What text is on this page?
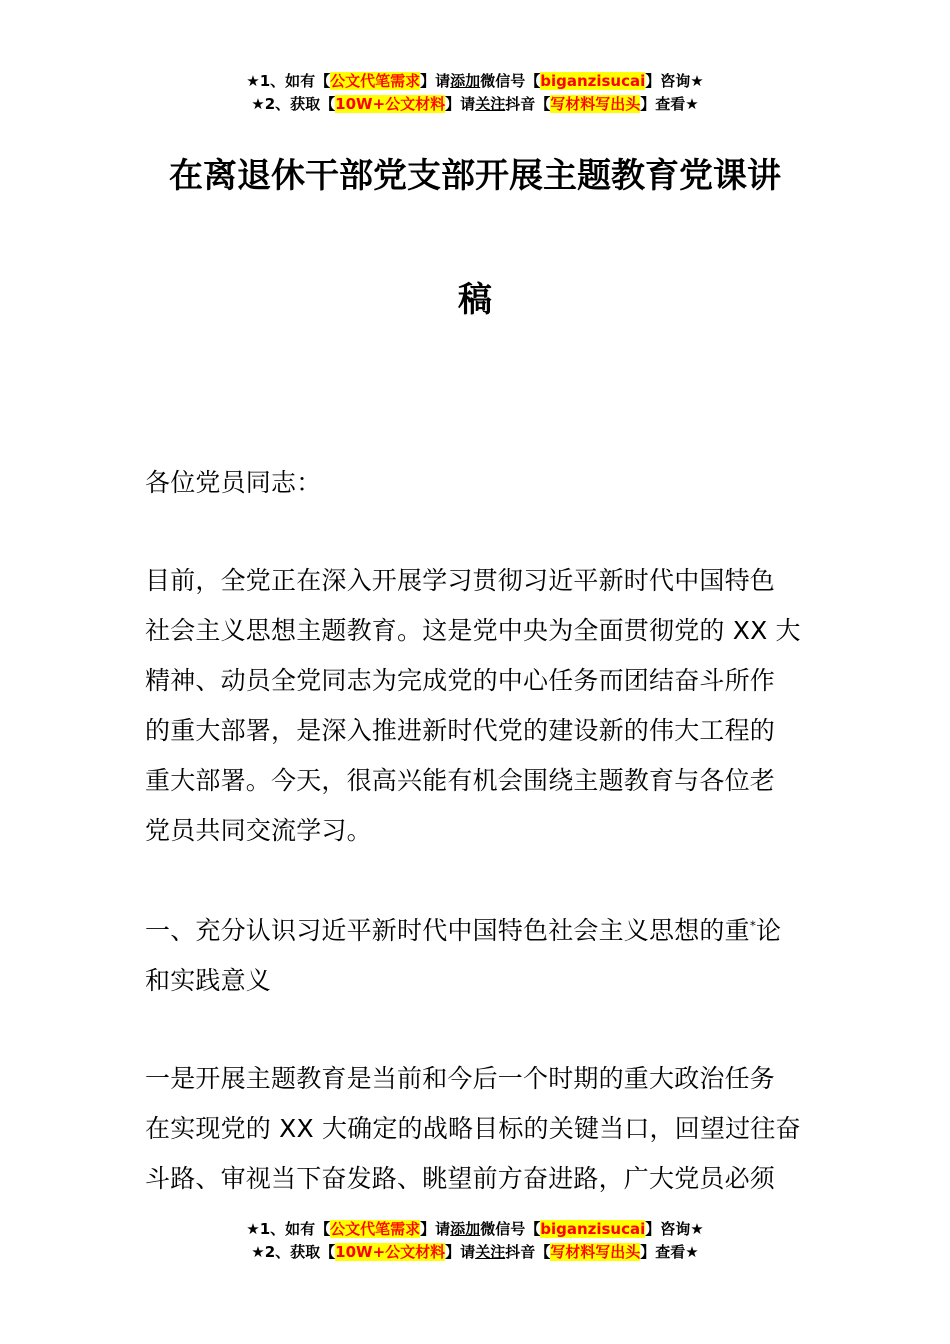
★1、如有【公文代笔需求】请添加微信号【biganzisucai】咨询★
★2、获取【10W+公文材料】请关注抖音【写材料写出头】查看★
在离退休干部党支部开展主题教育党课讲
稿
各位党员同志：
目前，全党正在深入开展学习贯彻习近平新时代中国特色
社会主义思想主题教育。这是党中央为全面贯彻党的 XX 大
精神、动员全党同志为完成党的中心任务而团结奋斗所作
的重大部署，是深入推进新时代党的建设新的伟大工程的
重大部署。今天，很高兴能有机会围绕主题教育与各位老
党员共同交流学习。
一、充分认识习近平新时代中国特色社会主义思想的重*论
和实践意义
一是开展主题教育是当前和今后一个时期的重大政治任务
在实现党的 XX 大确定的战略目标的关键当口，回望过往奋
斗路、审视当下奋发路、眺望前方奋进路，广大党员必须
★1、如有【公文代笔需求】请添加微信号【biganzisucai】咨询★
★2、获取【10W+公文材料】请关注抖音【写材料写出头】查看★
